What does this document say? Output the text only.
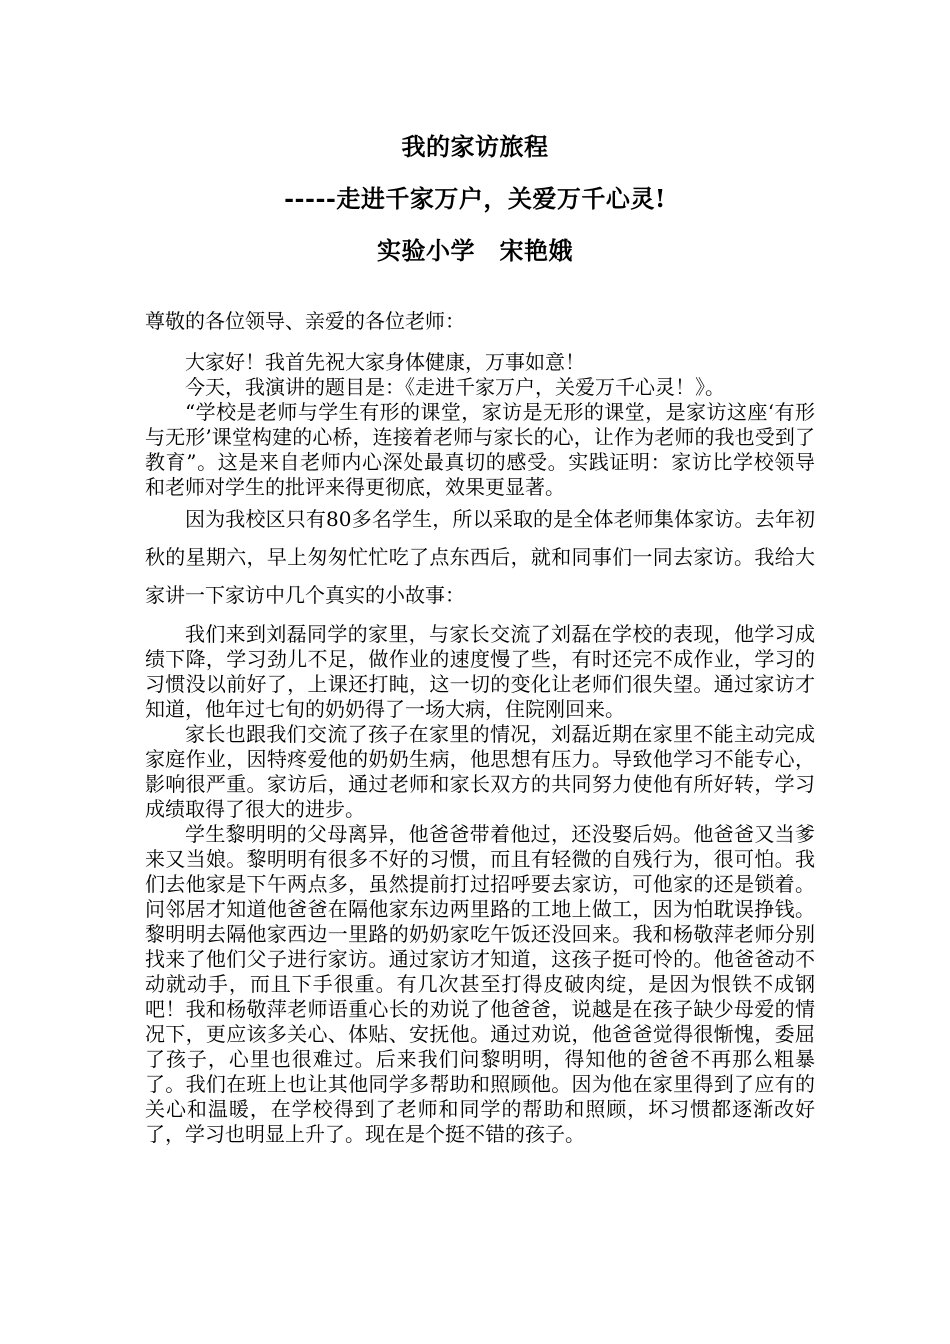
我的家访旅程
-----走进千家万户，关爱万千心灵!
实验小学　宋艳娥

尊敬的各位领导、亲爱的各位老师：

大家好！我首先祝大家身体健康，万事如意！

今天，我演讲的题目是：《走进千家万户，关爱万千心灵！》。

“学校是老师与学生有形的课堂，家访是无形的课堂，是家访这座‘有形与无形’课堂构建的心桥，连接着老师与家长的心，让作为老师的我也受到了教育”。这是来自老师内心深处最真切的感受。实践证明：家访比学校领导和老师对学生的批评来得更彻底，效果更显著。

因为我校区只有80多名学生，所以采取的是全体老师集体家访。去年初秋的星期六，早上匆匆忙忙吃了点东西后，就和同事们一同去家访。我给大家讲一下家访中几个真实的小故事：

我们来到刘磊同学的家里，与家长交流了刘磊在学校的表现，他学习成绩下降，学习劲儿不足，做作业的速度慢了些，有时还完不成作业，学习的习惯没以前好了，上课还打盹，这一切的变化让老师们很失望。通过家访才知道，他年过七旬的奶奶得了一场大病，住院刚回来。

家长也跟我们交流了孩子在家里的情况，刘磊近期在家里不能主动完成家庭作业，因特疼爱他的奶奶生病，他思想有压力。导致他学习不能专心，影响很严重。家访后，通过老师和家长双方的共同努力使他有所好转，学习成绩取得了很大的进步。

学生黎明明的父母离异，他爸爸带着他过，还没娶后妈。他爸爸又当爹来又当娘。黎明明有很多不好的习惯，而且有轻微的自残行为，很可怕。我们去他家是下午两点多，虽然提前打过招呼要去家访，可他家的还是锁着。问邻居才知道他爸爸在隔他家东边两里路的工地上做工，因为怕耽误挣钱。黎明明去隔他家西边一里路的奶奶家吃午饭还没回来。我和杨敬萍老师分别找来了他们父子进行家访。通过家访才知道，这孩子挺可怜的。他爸爸动不动就动手，而且下手很重。有几次甚至打得皮破肉绽，是因为恨铁不成钢吧！我和杨敬萍老师语重心长的劝说了他爸爸，说越是在孩子缺少母爱的情况下，更应该多关心、体贴、安抚他。通过劝说，他爸爸觉得很惭愧，委屈了孩子，心里也很难过。后来我们问黎明明，得知他的爸爸不再那么粗暴了。我们在班上也让其他同学多帮助和照顾他。因为他在家里得到了应有的关心和温暖，在学校得到了老师和同学的帮助和照顾，坏习惯都逐渐改好了，学习也明显上升了。现在是个挺不错的孩子。
